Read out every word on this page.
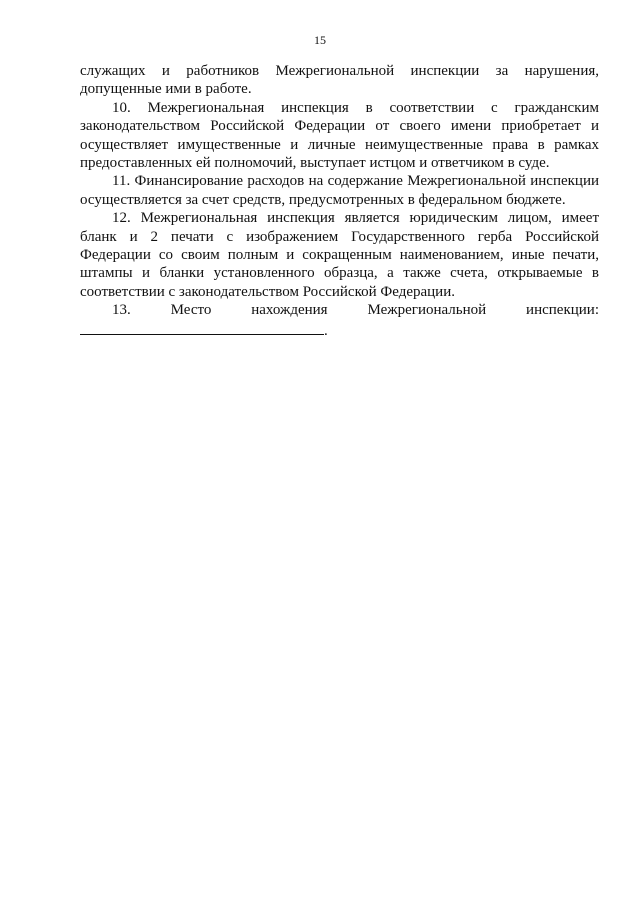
15

служащих и работников Межрегиональной инспекции за нарушения, допущенные ими в работе.

10. Межрегиональная инспекция в соответствии с гражданским законодательством Российской Федерации от своего имени приобретает и осуществляет имущественные и личные неимущественные права в рамках предоставленных ей полномочий, выступает истцом и ответчиком в суде.

11. Финансирование расходов на содержание Межрегиональной инспекции осуществляется за счет средств, предусмотренных в федеральном бюджете.

12. Межрегиональная инспекция является юридическим лицом, имеет бланк и 2 печати с изображением Государственного герба Российской Федерации со своим полным и сокращенным наименованием, иные печати, штампы и бланки установленного образца, а также счета, открываемые в соответствии с законодательством Российской Федерации.

13. Место нахождения Межрегиональной инспекции:

.
